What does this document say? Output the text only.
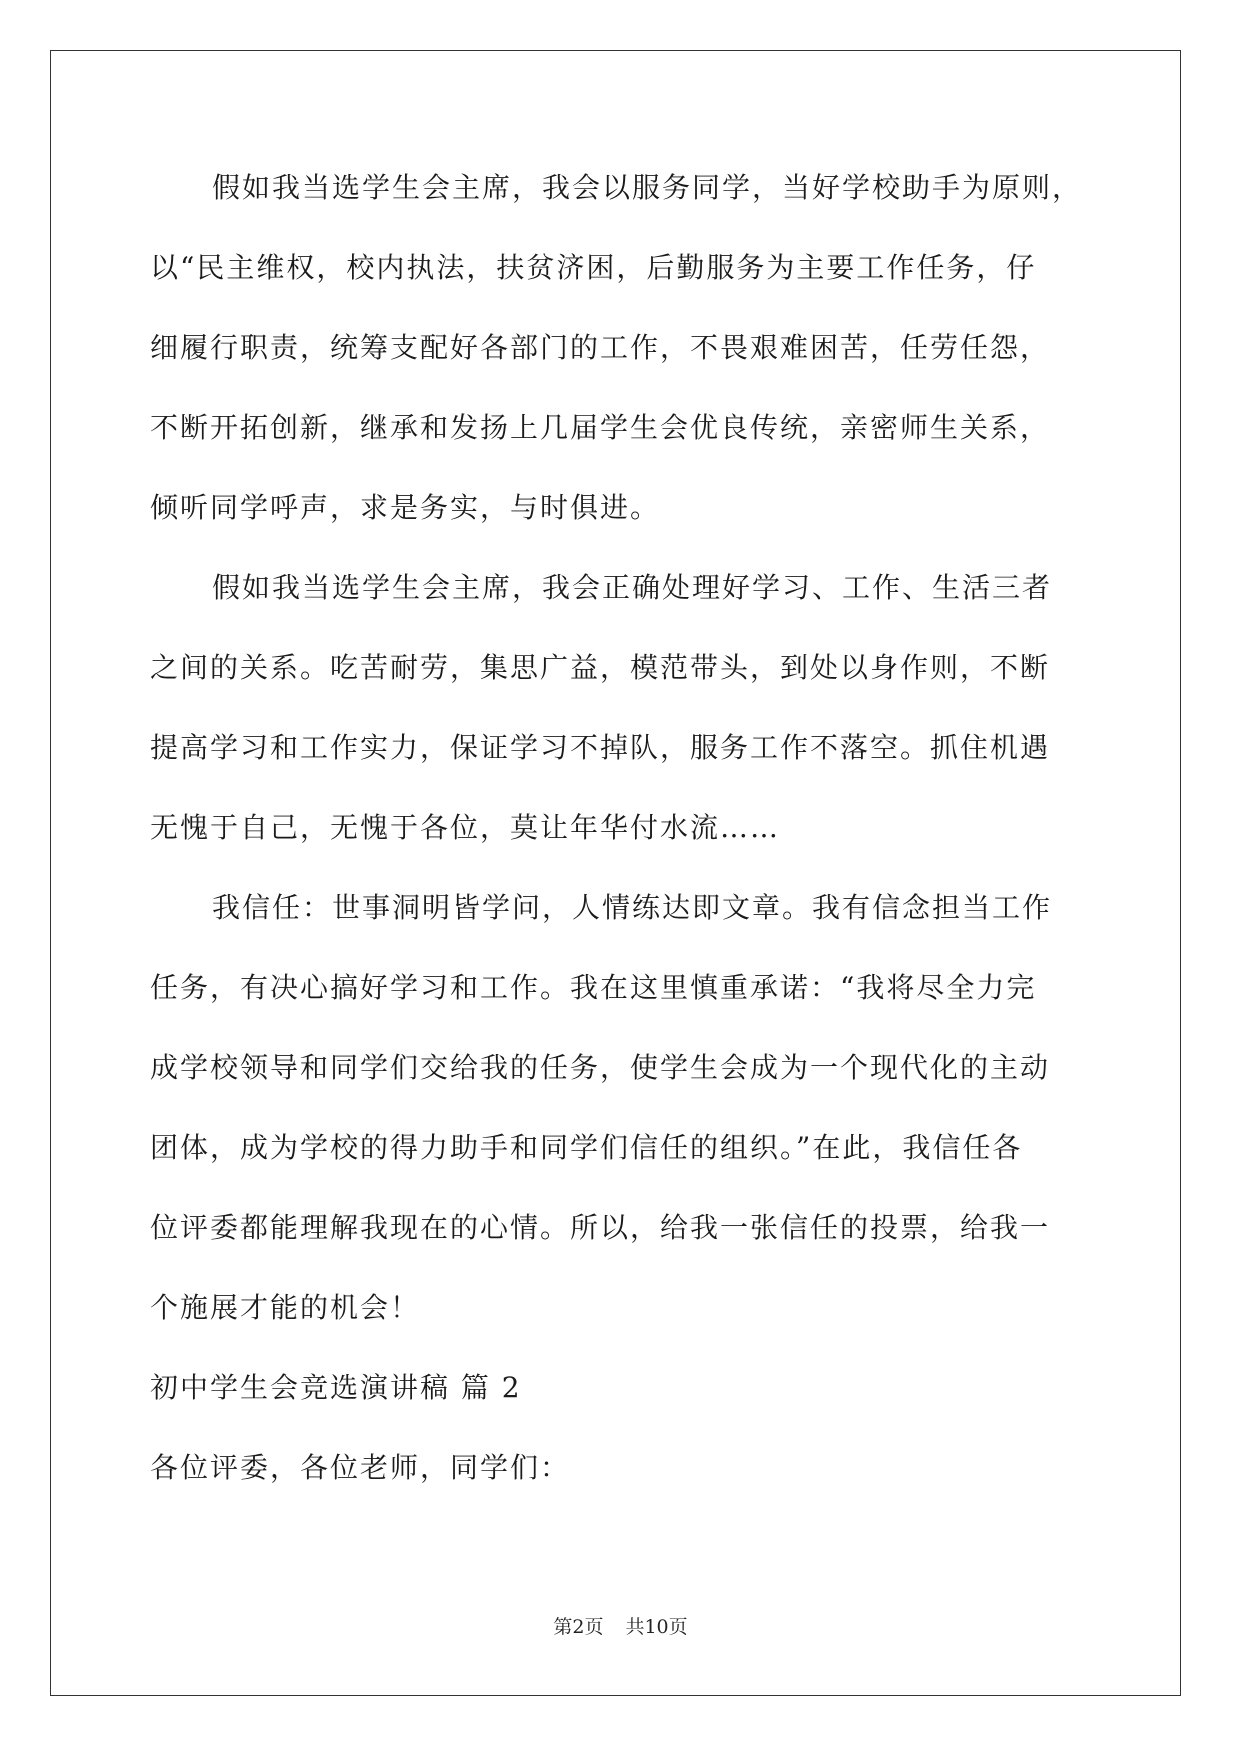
假如我当选学生会主席，我会以服务同学，当好学校助手为原则，
以“民主维权，校内执法，扶贫济困，后勤服务为主要工作任务，仔
细履行职责，统筹支配好各部门的工作，不畏艰难困苦，任劳任怨，
不断开拓创新，继承和发扬上几届学生会优良传统，亲密师生关系，
倾听同学呼声，求是务实，与时俱进。
假如我当选学生会主席，我会正确处理好学习、工作、生活三者
之间的关系。吃苦耐劳，集思广益，模范带头，到处以身作则，不断
提高学习和工作实力，保证学习不掉队，服务工作不落空。抓住机遇
无愧于自己，无愧于各位，莫让年华付水流……
我信任：世事洞明皆学问，人情练达即文章。我有信念担当工作
任务，有决心搞好学习和工作。我在这里慎重承诺：“我将尽全力完
成学校领导和同学们交给我的任务，使学生会成为一个现代化的主动
团体，成为学校的得力助手和同学们信任的组织。”在此，我信任各
位评委都能理解我现在的心情。所以，给我一张信任的投票，给我一
个施展才能的机会！
初中学生会竞选演讲稿 篇 2
各位评委，各位老师，同学们：
第2页 共10页
